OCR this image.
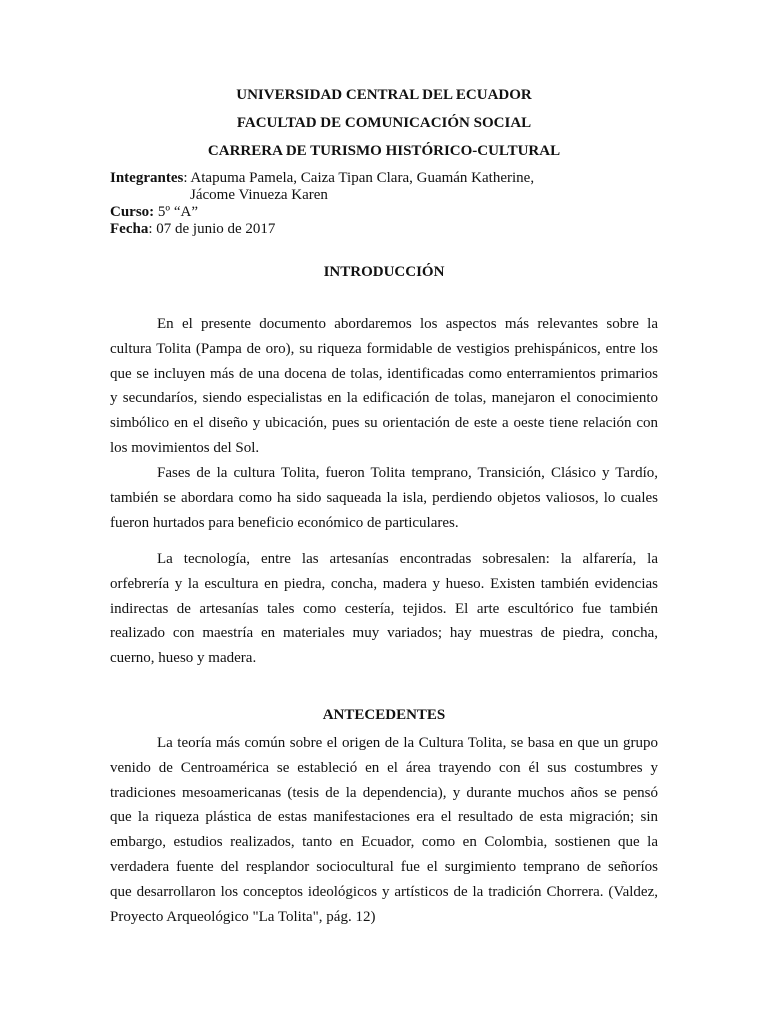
UNIVERSIDAD CENTRAL DEL ECUADOR
FACULTAD DE COMUNICACIÓN SOCIAL
CARRERA DE TURISMO HISTÓRICO-CULTURAL
Integrantes: Atapuma Pamela, Caiza Tipan Clara, Guamán Katherine,
Jácome Vinueza Karen
Curso: 5º “A”
Fecha: 07 de junio de 2017
INTRODUCCIÓN
En el presente documento abordaremos los aspectos más relevantes sobre la
cultura Tolita (Pampa de oro), su riqueza formidable de vestigios prehispánicos, entre los
que se incluyen más de una docena de tolas, identificadas como enterramientos primarios
y secundaríos, siendo especialistas en la edificación de tolas, manejaron el conocimiento
simbólico en el diseño y ubicación, pues su orientación de este a oeste tiene relación con
los movimientos del Sol.
Fases de la cultura Tolita, fueron Tolita temprano, Transición, Clásico y Tardío,
también se abordara como ha sido saqueada la isla, perdiendo objetos valiosos, lo cuales
fueron hurtados para beneficio económico de particulares.
La tecnología, entre las artesanías encontradas sobresalen: la alfarería, la
orfebrería y la escultura en piedra, concha, madera y hueso. Existen también evidencias
indirectas de artesanías tales como cestería, tejidos. El arte escultórico fue también
realizado con maestría en materiales muy variados; hay muestras de piedra, concha,
cuerno, hueso y madera.
ANTECEDENTES
La teoría más común sobre el origen de la Cultura Tolita, se basa en que un grupo
venido de Centroamérica se estableció en el área trayendo con él sus costumbres y
tradiciones mesoamericanas (tesis de la dependencia), y durante muchos años se pensó
que la riqueza plástica de estas manifestaciones era el resultado de esta migración; sin
embargo, estudios realizados, tanto en Ecuador, como en Colombia, sostienen que la
verdadera fuente del resplandor sociocultural fue el surgimiento temprano de señoríos
que desarrollaron los conceptos ideológicos y artísticos de la tradición Chorrera. (Valdez,
Proyecto Arqueológico "La Tolita", pág. 12)
